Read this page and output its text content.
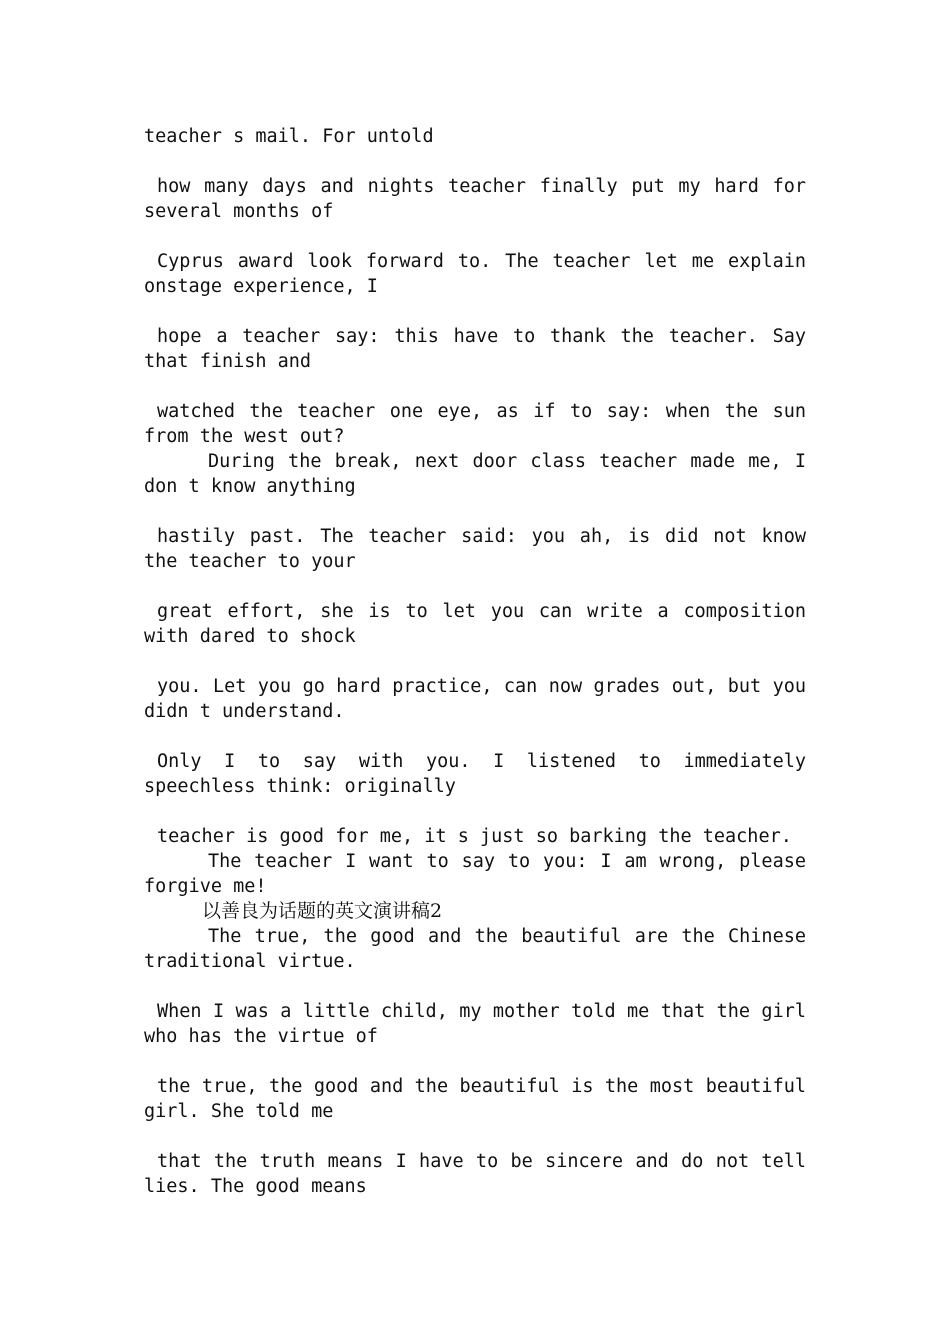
teacher s mail. For untold

how many days and nights teacher finally put my hard for several months of

Cyprus award look forward to. The teacher let me explain onstage experience, I

hope a teacher say: this have to thank the teacher. Say that finish and

watched the teacher one eye, as if to say: when the sun from the west out?

During the break, next door class teacher made me, I don t know anything

hastily past. The teacher said: you ah, is did not know the teacher to your

great effort, she is to let you can write a composition with dared to shock

you. Let you go hard practice, can now grades out, but you didn t understand.

Only I to say with you. I listened to immediately speechless think: originally

teacher is good for me, it s just so barking the teacher.

The teacher I want to say to you: I am wrong, please forgive me!

以善良为话题的英文演讲稿2

The true, the good and the beautiful are the Chinese traditional virtue.

When I was a little child, my mother told me that the girl who has the virtue of

the true, the good and the beautiful is the most beautiful girl. She told me

that the truth means I have to be sincere and do not tell lies. The good means
